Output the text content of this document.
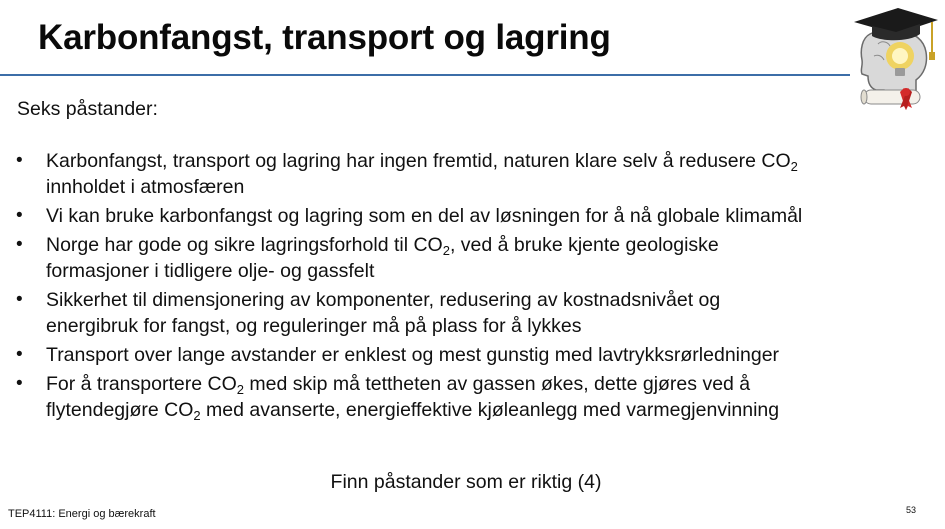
Karbonfangst, transport og lagring
Seks påstander:
• Karbonfangst, transport og lagring har ingen fremtid, naturen klare selv å redusere $CO_2$
innholdet i atmosfæren
• Vi kan bruke karbonfangst og lagring som en del av løsningen for å nå globale klimamål
• Norge har gode og sikre lagringsforhold til $CO_2$, ved å bruke kjente geologiske
formasjoner i tidligere olje- og gassfelt
• Sikkerhet til dimensjonering av komponenter, redusering av kostnadsnivået og
energibruk for fangst, og reguleringer må på plass for å lykkes
• Transport over lange avstander er enklest og mest gunstig med lavtrykksrørledninger
• For å transportere $CO_2$ med skip må tettheten av gassen økes, dette gjøres ved å
flytendegjøre $CO_2$ med avanserte, energieffektive kjøleanlegg med varmegjenvinning
Finn påstander som er riktig (4)
TEP4111: Energi og bærekraft	53
